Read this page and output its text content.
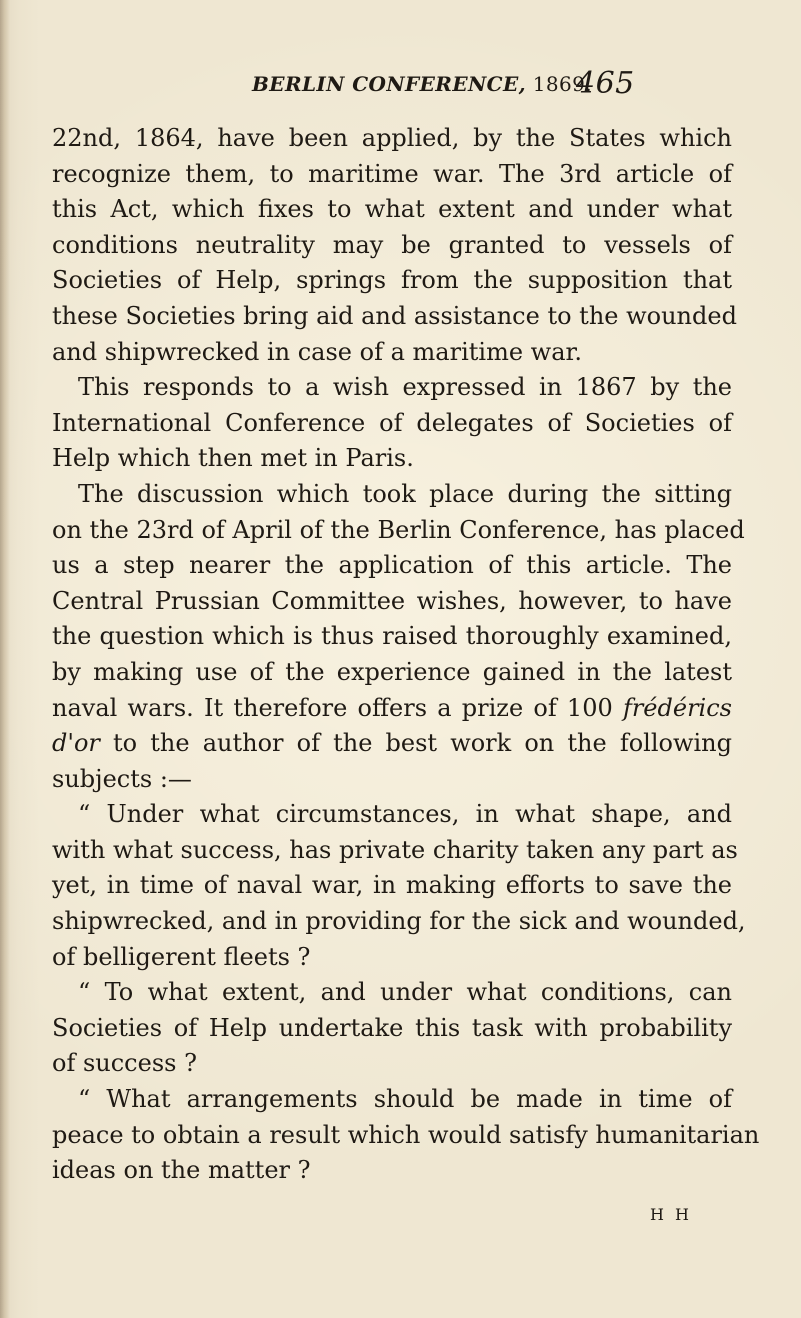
BERLIN CONFERENCE, 1869.
465
22nd, 1864, have been applied, by the States which
recognize them, to maritime war. The 3rd article of
this Act, which fixes to what extent and under what
conditions neutrality may be granted to vessels of
Societies of Help, springs from the supposition that
these Societies bring aid and assistance to the wounded
and shipwrecked in case of a maritime war.
This responds to a wish expressed in 1867 by the
International Conference of delegates of Societies of
Help which then met in Paris.
The discussion which took place during the sitting
on the 23rd of April of the Berlin Conference, has placed
us a step nearer the application of this article. The
Central Prussian Committee wishes, however, to have
the question which is thus raised thoroughly examined,
by making use of the experience gained in the latest
naval wars. It therefore offers a prize of 100 frédérics
d'or to the author of the best work on the following
subjects :—
“ Under what circumstances, in what shape, and
with what success, has private charity taken any part as
yet, in time of naval war, in making efforts to save the
shipwrecked, and in providing for the sick and wounded,
of belligerent fleets ?
“ To what extent, and under what conditions, can
Societies of Help undertake this task with probability
of success ?
“ What arrangements should be made in time of
peace to obtain a result which would satisfy humanitarian
ideas on the matter ?
H H
